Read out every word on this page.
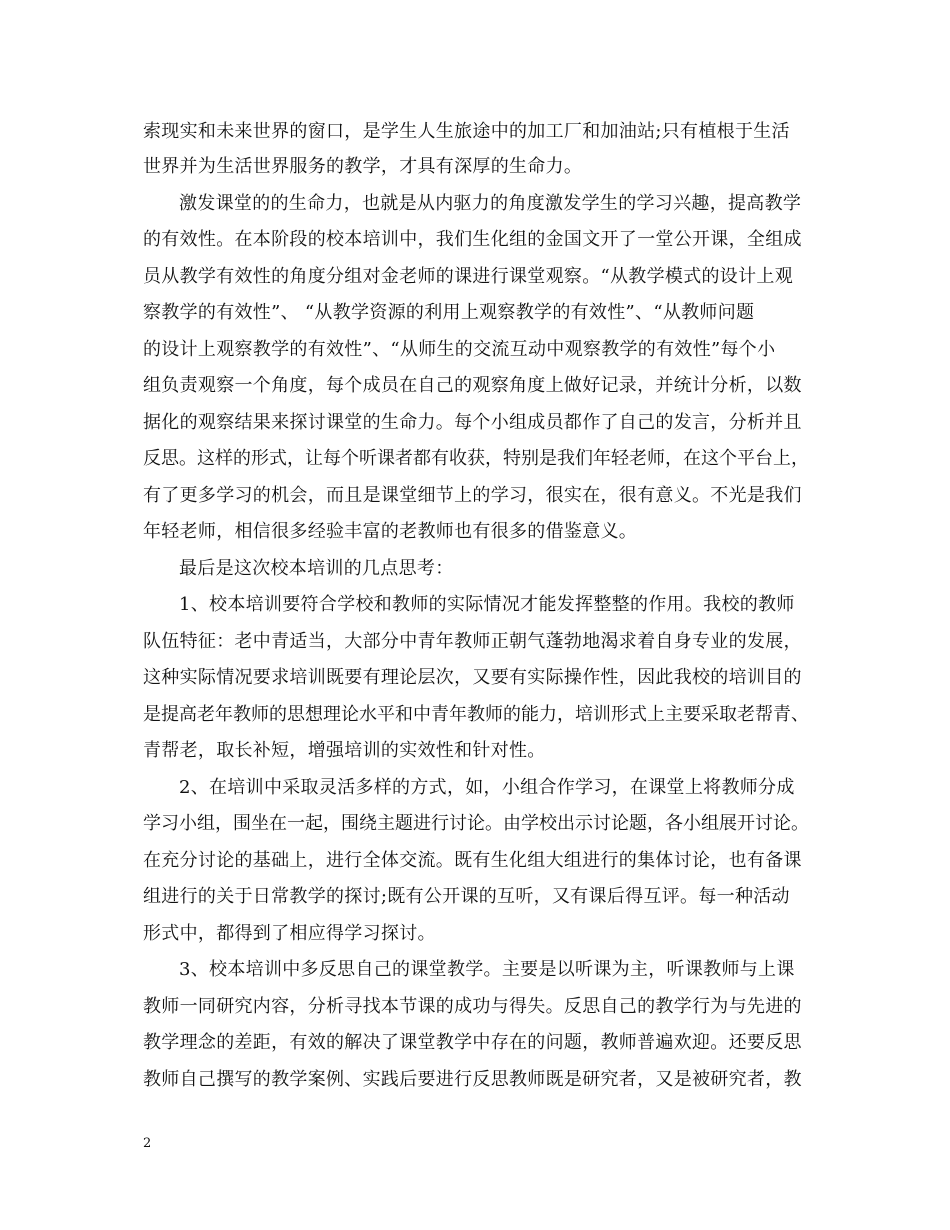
索现实和未来世界的窗口，是学生人生旅途中的加工厂和加油站;只有植根于生活
世界并为生活世界服务的教学，才具有深厚的生命力。
激发课堂的的生命力，也就是从内驱力的角度激发学生的学习兴趣，提高教学
的有效性。在本阶段的校本培训中，我们生化组的金国文开了一堂公开课，全组成
员从教学有效性的角度分组对金老师的课进行课堂观察。“从教学模式的设计上观
察教学的有效性”、 “从教学资源的利用上观察教学的有效性”、“从教师问题
的设计上观察教学的有效性”、“从师生的交流互动中观察教学的有效性”每个小
组负责观察一个角度，每个成员在自己的观察角度上做好记录，并统计分析，以数
据化的观察结果来探讨课堂的生命力。每个小组成员都作了自己的发言，分析并且
反思。这样的形式，让每个听课者都有收获，特别是我们年轻老师，在这个平台上，
有了更多学习的机会，而且是课堂细节上的学习，很实在，很有意义。不光是我们
年轻老师，相信很多经验丰富的老教师也有很多的借鉴意义。
最后是这次校本培训的几点思考：
1、校本培训要符合学校和教师的实际情况才能发挥整整的作用。我校的教师
队伍特征：老中青适当，大部分中青年教师正朝气蓬勃地渴求着自身专业的发展，
这种实际情况要求培训既要有理论层次，又要有实际操作性，因此我校的培训目的
是提高老年教师的思想理论水平和中青年教师的能力，培训形式上主要采取老帮青、
青帮老，取长补短，增强培训的实效性和针对性。
2、在培训中采取灵活多样的方式，如，小组合作学习，在课堂上将教师分成
学习小组，围坐在一起，围绕主题进行讨论。由学校出示讨论题，各小组展开讨论。
在充分讨论的基础上，进行全体交流。既有生化组大组进行的集体讨论，也有备课
组进行的关于日常教学的探讨;既有公开课的互听，又有课后得互评。每一种活动
形式中，都得到了相应得学习探讨。
3、校本培训中多反思自己的课堂教学。主要是以听课为主，听课教师与上课
教师一同研究内容，分析寻找本节课的成功与得失。反思自己的教学行为与先进的
教学理念的差距，有效的解决了课堂教学中存在的问题，教师普遍欢迎。还要反思
教师自己撰写的教学案例、实践后要进行反思教师既是研究者，又是被研究者，教
2
